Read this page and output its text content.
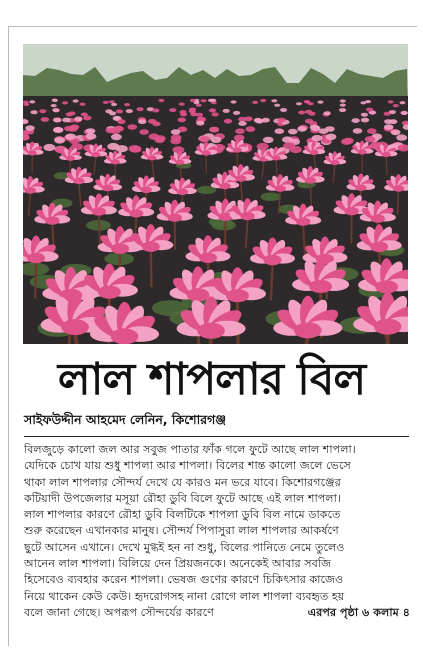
লাল শাপলার বিল
সাইফউদ্দীন আহমেদ লেনিন, কিশোরগঞ্জ
বিলজুড়ে কালো জল আর সবুজ পাতার ফাঁক গলে ফুটে আছে লাল শাপলা।
যেদিকে চোখ যায় শুধু শাপলা আর শাপলা। বিলের শান্ত কালো জলে ভেসে
থাকা লাল শাপলার সৌন্দর্য দেখে যে কারও মন ভরে যাবে। কিশোরগঞ্জের
কটিয়াদী উপজেলার মসূয়া রৌহা ডুবি বিলে ফুটে আছে এই লাল শাপলা।
লাল শাপলার কারণে রৌহা ডুবি বিলটিকে শাপলা ডুবি বিল নামে ডাকতে
শুরু করেছেন এখানকার মানুষ। সৌন্দর্য পিপাসুরা লাল শাপলার আকর্ষণে
ছুটে আসেন এখানে। দেখে মুগ্ধই হন না শুধু, বিলের পানিতে নেমে তুলেও
আনেন লাল শাপলা। বিলিয়ে দেন প্রিয়জনকে। অনেকেই আবার সবজি
হিসেবেও ব্যবহার করেন শাপলা। ভেষজ গুণের কারণে চিকিৎসার কাজেও
নিয়ে থাকেন কেউ কেউ। হৃদরোগসহ নানা রোগে লাল শাপলা ব্যবহৃত হয়
বলে জানা গেছে। অপরূপ সৌন্দর্যের কারণে	এরপর পৃষ্ঠা ৬ কলাম ৪
